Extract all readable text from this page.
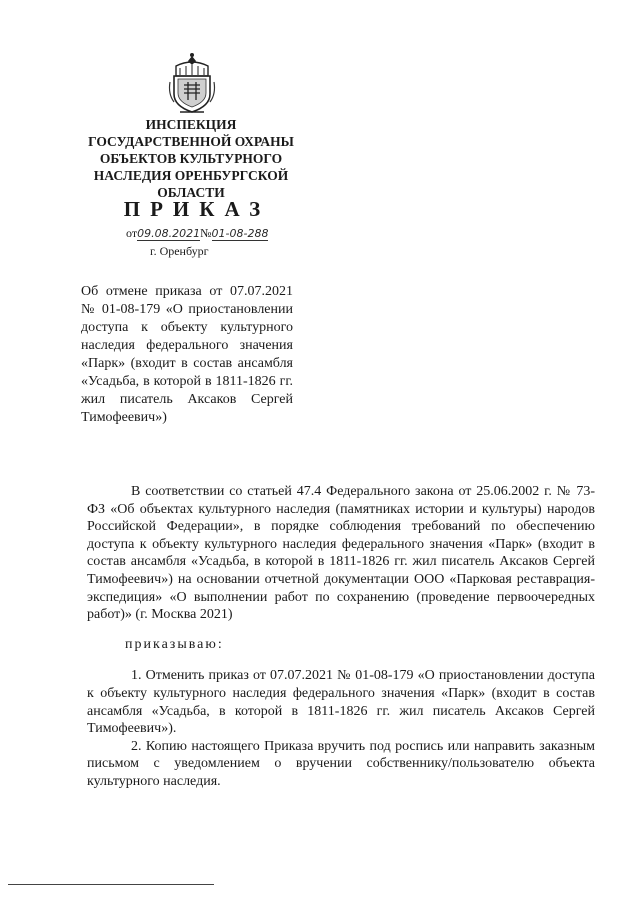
ИНСПЕКЦИЯ
ГОСУДАРСТВЕННОЙ ОХРАНЫ
ОБЪЕКТОВ КУЛЬТУРНОГО
НАСЛЕДИЯ ОРЕНБУРГСКОЙ
ОБЛАСТИ
ПРИКАЗ
от09.08.2021№01-08-288
г. Оренбург

Об отмене приказа от 07.07.2021 № 01-08-179 «О приостановлении доступа к объекту культурного наследия федерального значения «Парк» (входит в состав ансамбля «Усадьба, в которой в 1811-1826 гг. жил писатель Аксаков Сергей Тимофеевич»)

В соответствии со статьей 47.4 Федерального закона от 25.06.2002 г. № 73-ФЗ «Об объектах культурного наследия (памятниках истории и культуры) народов Российской Федерации», в порядке соблюдения требований по обеспечению доступа к объекту культурного наследия федерального значения «Парк» (входит в состав ансамбля «Усадьба, в которой в 1811-1826 гг. жил писатель Аксаков Сергей Тимофеевич») на основании отчетной документации ООО «Парковая реставрация-экспедиция» «О выполнении работ по сохранению (проведение первоочередных работ)» (г. Москва 2021)

приказываю:

1. Отменить приказ от 07.07.2021 № 01-08-179 «О приостановлении доступа к объекту культурного наследия федерального значения «Парк» (входит в состав ансамбля «Усадьба, в которой в 1811-1826 гг. жил писатель Аксаков Сергей Тимофеевич»).

2. Копию настоящего Приказа вручить под роспись или направить заказным письмом с уведомлением о вручении собственнику/пользователю объекта культурного наследия.
